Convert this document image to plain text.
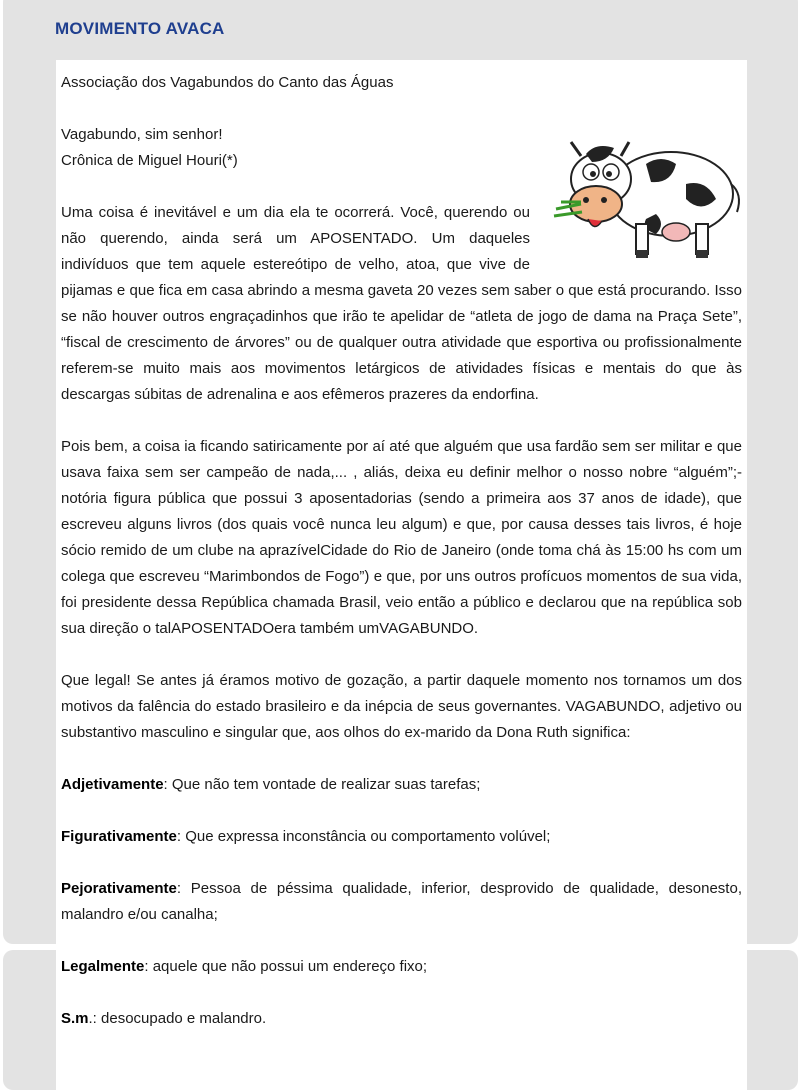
MOVIMENTO AVACA

Associação dos Vagabundos do Canto das Águas

Vagabundo, sim senhor!

Crônica de Miguel Houri(*)

Uma coisa é inevitável e um dia ela te ocorrerá. Você, querendo ou não querendo, ainda será um APOSENTADO. Um daqueles indivíduos que tem aquele estereótipo de velho, atoa, que vive de pijamas e que fica em casa abrindo a mesma gaveta 20 vezes sem saber o que está procurando. Isso se não houver outros engraçadinhos que irão te apelidar de “atleta de jogo de dama na Praça Sete”, “fiscal de crescimento de árvores” ou de qualquer outra atividade que esportiva ou profissionalmente referem-se muito mais aos movimentos letárgicos de atividades físicas e mentais do que às descargas súbitas de adrenalina e aos efêmeros prazeres da endorfina.

Pois bem, a coisa ia ficando satiricamente por aí até que alguém que usa fardão sem ser militar e que usava faixa sem ser campeão de nada,... , aliás, deixa eu definir melhor o nosso nobre “alguém”;-notória figura pública que possui 3 aposentadorias (sendo a primeira aos 37 anos de idade), que escreveu alguns livros (dos quais você nunca leu algum) e que, por causa desses tais livros, é hoje sócio remido de um clube na aprazívelCidade do Rio de Janeiro (onde toma chá às 15:00 hs com um colega que escreveu “Marimbondos de Fogo”) e que, por uns outros profícuos momentos de sua vida, foi presidente dessa República chamada Brasil, veio então a público e declarou que na república sob sua direção o talAPOSENTADOera também umVAGABUNDO.

Que legal! Se antes já éramos motivo de gozação, a partir daquele momento nos tornamos um dos motivos da falência do estado brasileiro e da inépcia de seus governantes. VAGABUNDO, adjetivo ou substantivo masculino e singular que, aos olhos do ex-marido da Dona Ruth significa:

Adjetivamente: Que não tem vontade de realizar suas tarefas;

Figurativamente: Que expressa inconstância ou comportamento volúvel;

Pejorativamente: Pessoa de péssima qualidade, inferior, desprovido de qualidade, desonesto, malandro e/ou canalha;

Legalmente: aquele que não possui um endereço fixo;

S.m.: desocupado e malandro.
